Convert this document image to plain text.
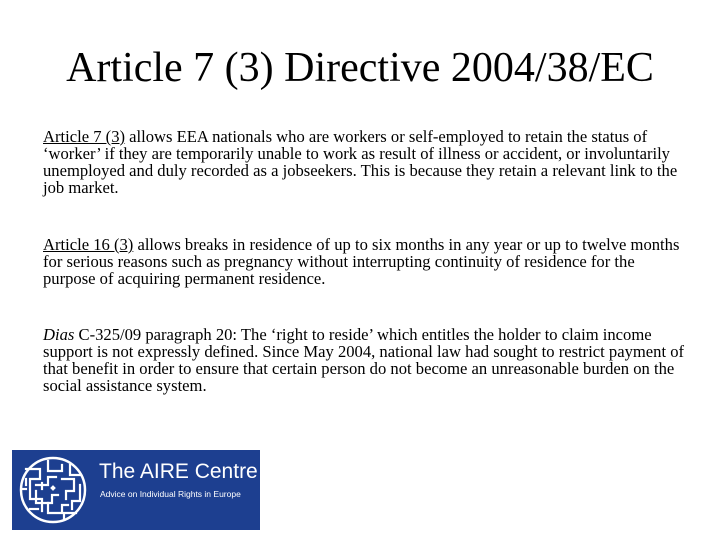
Article 7 (3) Directive 2004/38/EC

Article 7 (3) allows EEA nationals who are workers or self-employed to retain the status of ‘worker’ if they are temporarily unable to work as result of illness or accident, or involuntarily unemployed and duly recorded as a jobseekers. This is because they retain a relevant link to the job market.

Article 16 (3) allows breaks in residence of up to six months in any year or up to twelve months for serious reasons such as pregnancy without interrupting continuity of residence for the purpose of acquiring permanent residence.

Dias C-325/09 paragraph 20: The ‘right to reside’ which entitles the holder to claim income support is not expressly defined. Since May 2004, national law had sought to restrict payment of that benefit in order to ensure that certain person do not become an unreasonable burden on the social assistance system.

The AIRE Centre
Advice on Individual Rights in Europe
